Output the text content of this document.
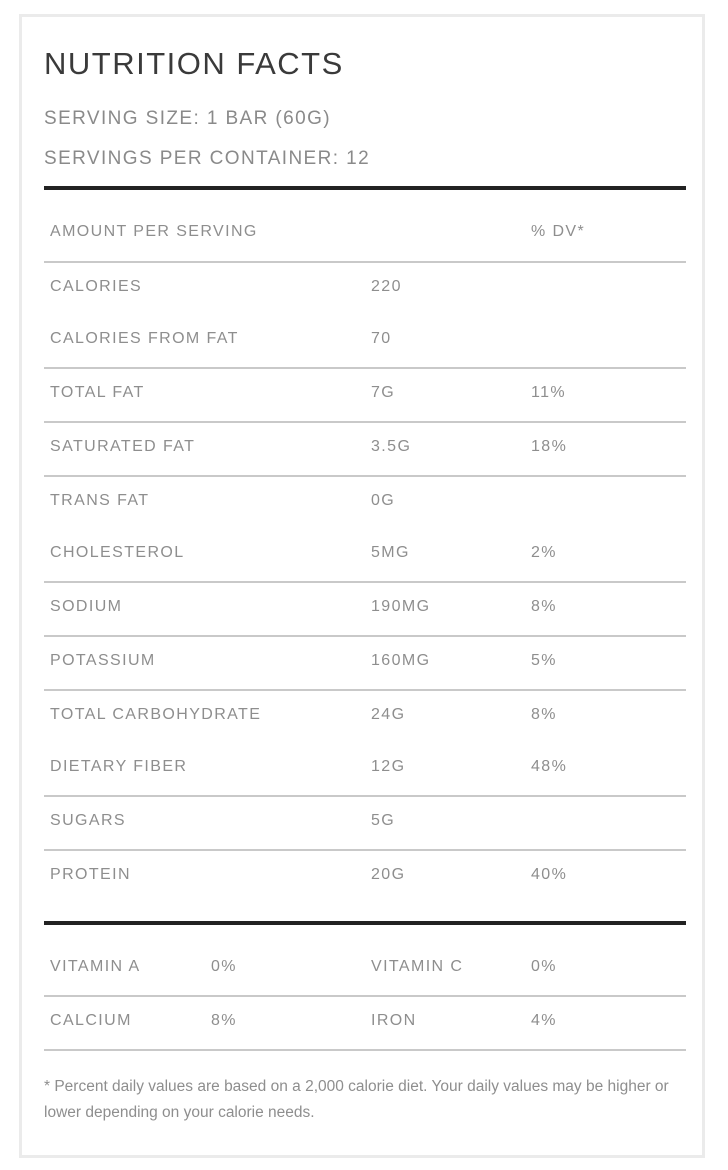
NUTRITION FACTS
SERVING SIZE: 1 BAR (60G)
SERVINGS PER CONTAINER: 12
AMOUNT PER SERVING	% DV*
CALORIES	220
CALORIES FROM FAT	70
TOTAL FAT	7G	11%
SATURATED FAT	3.5G	18%
TRANS FAT	0G
CHOLESTEROL	5MG	2%
SODIUM	190MG	8%
POTASSIUM	160MG	5%
TOTAL CARBOHYDRATE	24G	8%
DIETARY FIBER	12G	48%
SUGARS	5G
PROTEIN	20G	40%
VITAMIN A	0%	VITAMIN C	0%
CALCIUM	8%	IRON	4%
* Percent daily values are based on a 2,000 calorie diet. Your daily values may be higher or lower depending on your calorie needs.
